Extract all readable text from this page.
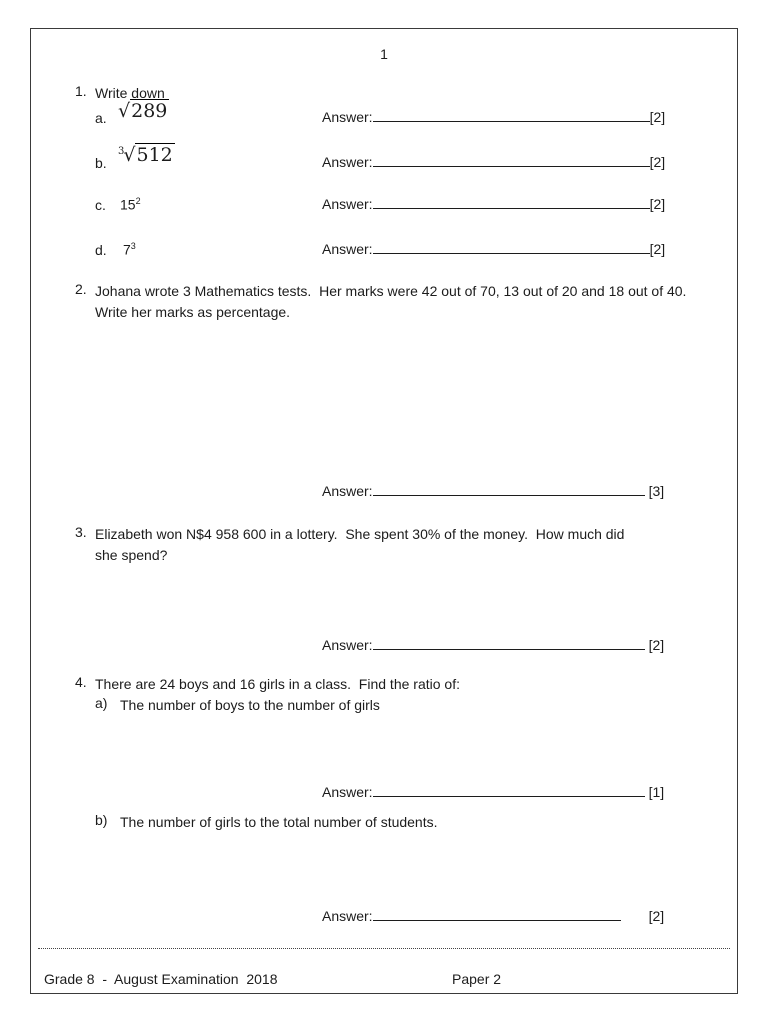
1
1. Write down
a. √289	Answer:	[2]
b.
$^3$√512	Answer:	[2]
c. $15^2$	Answer:	[2]
d. $7^3$	Answer:	[2]
2. Johana wrote 3 Mathematics tests.  Her marks were 42 out of 70, 13 out of 20 and 18 out of 40.
Write her marks as percentage.
Answer:	[3]
3. Elizabeth won N$4 958 600 in a lottery.  She spent 30% of the money.  How much did
she spend?
Answer:	[2]
4. There are 24 boys and 16 girls in a class.  Find the ratio of:
a) The number of boys to the number of girls
Answer:	[1]
b) The number of girls to the total number of students.
Answer:	[2]
Grade 8  -  August Examination  2018	Paper 2
